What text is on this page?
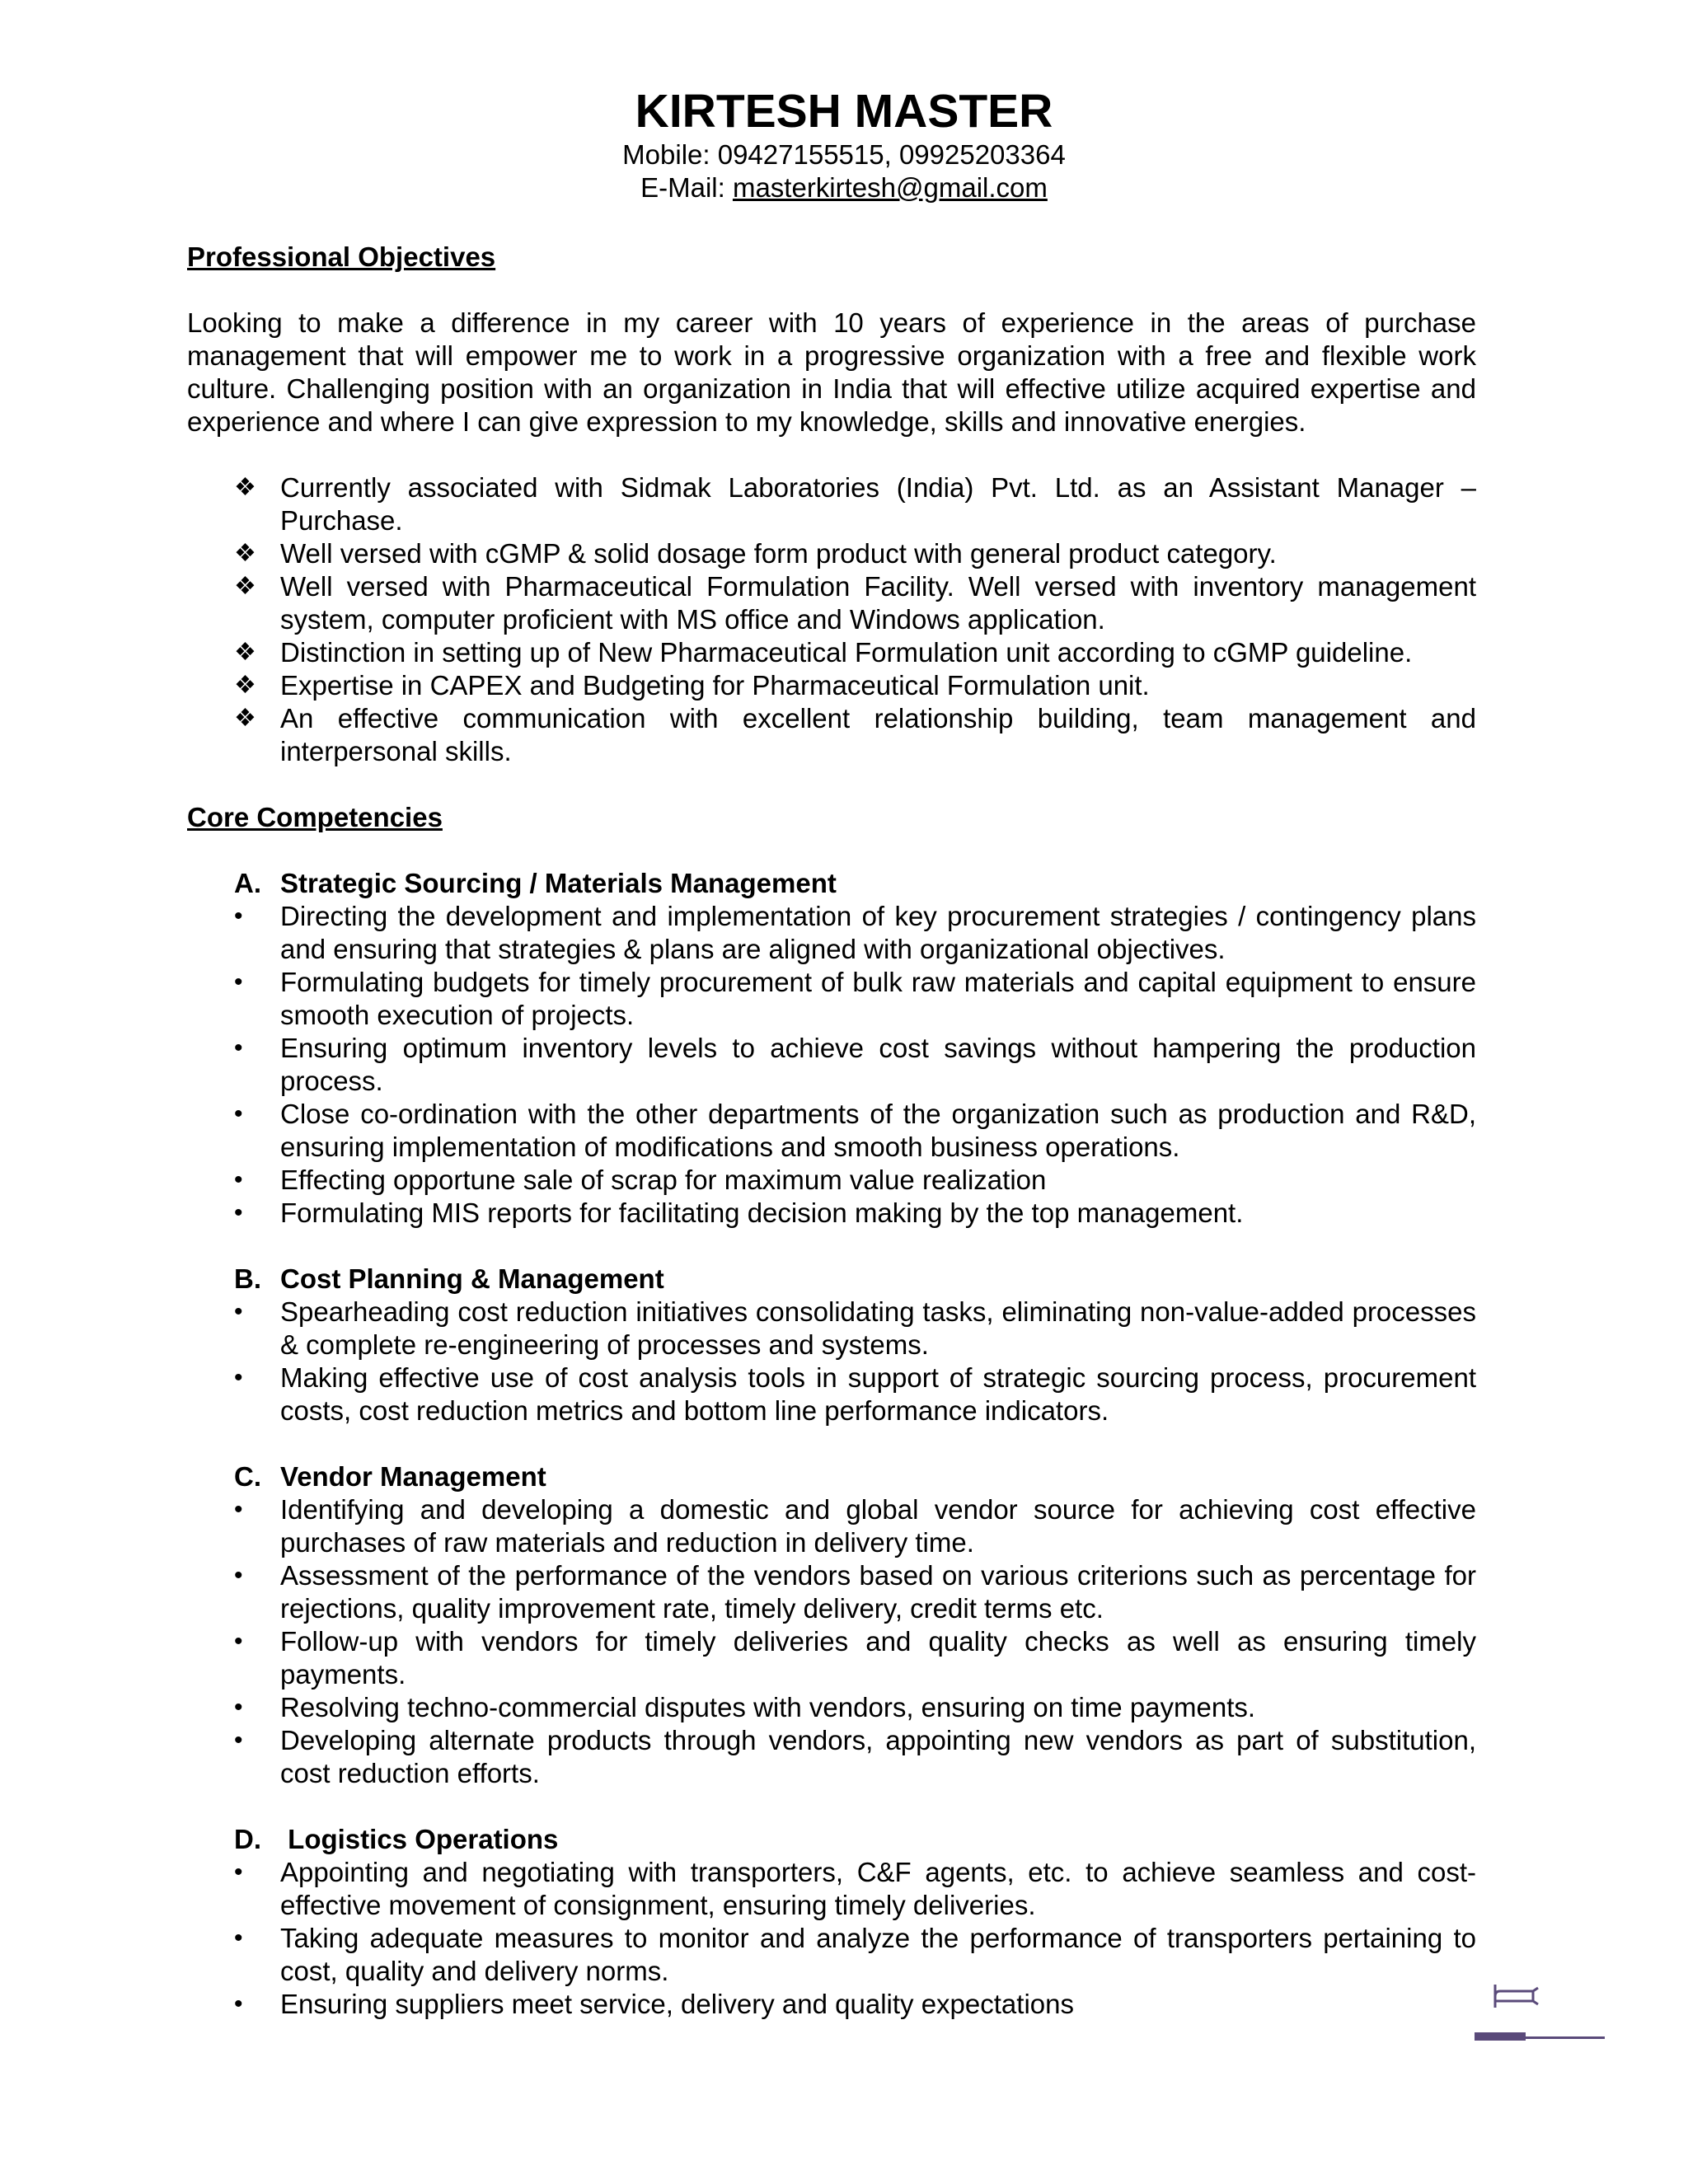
KIRTESH MASTER
Mobile: 09427155515, 09925203364
E-Mail: masterkirtesh@gmail.com

Professional Objectives

Looking to make a difference in my career with 10 years of experience in the areas of purchase management that will empower me to work in a progressive organization with a free and flexible work culture. Challenging position with an organization in India that will effective utilize acquired expertise and experience and where I can give expression to my knowledge, skills and innovative energies.

❖ Currently associated with Sidmak Laboratories (India) Pvt. Ltd. as an Assistant Manager – Purchase.
❖ Well versed with cGMP & solid dosage form product with general product category.
❖ Well versed with Pharmaceutical Formulation Facility. Well versed with inventory management system, computer proficient with MS office and Windows application.
❖ Distinction in setting up of New Pharmaceutical Formulation unit according to cGMP guideline.
❖ Expertise in CAPEX and Budgeting for Pharmaceutical Formulation unit.
❖ An effective communication with excellent relationship building, team management and interpersonal skills.

Core Competencies

A. Strategic Sourcing / Materials Management
•	Directing the development and implementation of key procurement strategies / contingency plans and ensuring that strategies & plans are aligned with organizational objectives.
•	Formulating budgets for timely procurement of bulk raw materials and capital equipment to ensure smooth execution of projects.
•	Ensuring optimum inventory levels to achieve cost savings without hampering the production process.
•	Close co-ordination with the other departments of the organization such as production and R&D, ensuring implementation of modifications and smooth business operations.
•	Effecting opportune sale of scrap for maximum value realization
•	Formulating MIS reports for facilitating decision making by the top management.
B. Cost Planning & Management
•	Spearheading cost reduction initiatives consolidating tasks, eliminating non-value-added processes & complete re-engineering of processes and systems.
•	Making effective use of cost analysis tools in support of strategic sourcing process, procurement costs, cost reduction metrics and bottom line performance indicators.
C. Vendor Management
•	Identifying and developing a domestic and global vendor source for achieving cost effective purchases of raw materials and reduction in delivery time.
•	Assessment of the performance of the vendors based on various criterions such as percentage for rejections, quality improvement rate, timely delivery, credit terms etc.
•	Follow-up with vendors for timely deliveries and quality checks as well as ensuring timely payments.
•	Resolving techno-commercial disputes with vendors, ensuring on time payments.
•	Developing alternate products through vendors, appointing new vendors as part of substitution, cost reduction efforts.
D. Logistics Operations
•	Appointing and negotiating with transporters, C&F agents, etc. to achieve seamless and cost-effective movement of consignment, ensuring timely deliveries.
•	Taking adequate measures to monitor and analyze the performance of transporters pertaining to cost, quality and delivery norms.
•	Ensuring suppliers meet service, delivery and quality expectations
